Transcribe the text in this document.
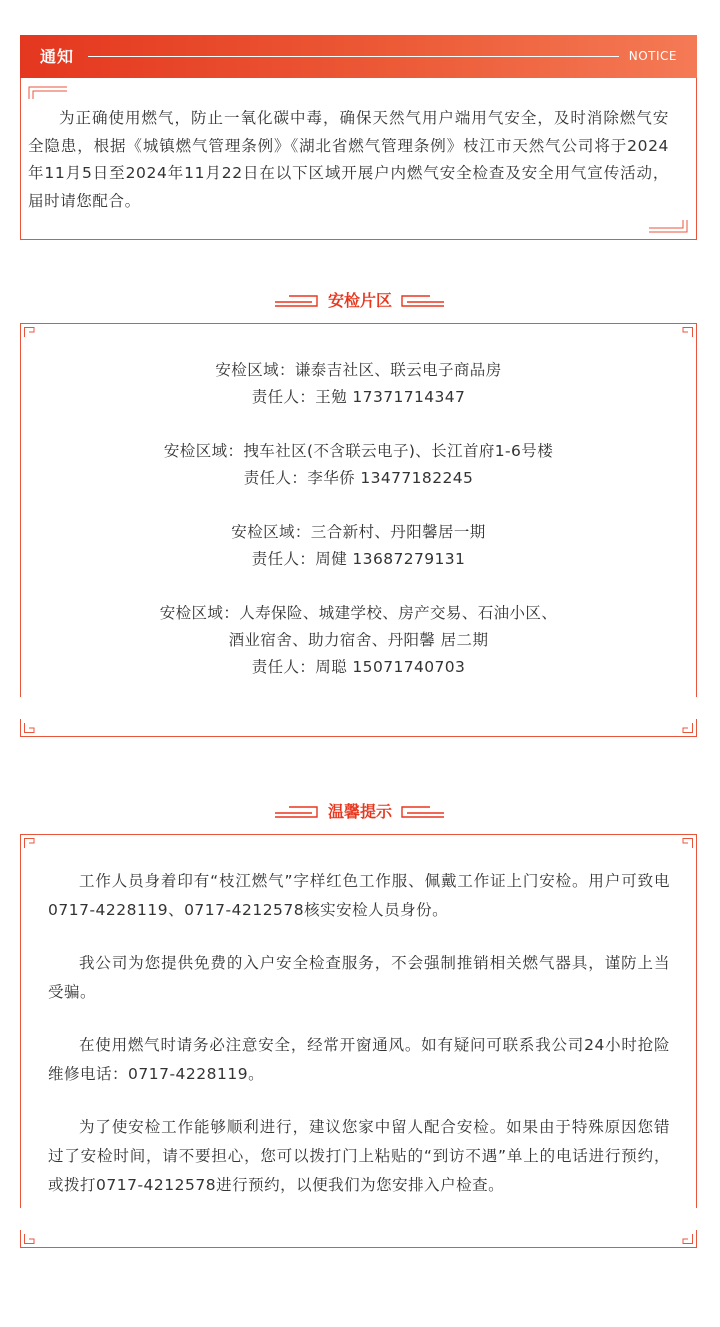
通知	NOTICE

为正确使用燃气，防止一氧化碳中毒，确保天然气用户端用气安全，及时消除燃气安全隐患，根据《城镇燃气管理条例》《湖北省燃气管理条例》枝江市天然气公司将于2024年11月5日至2024年11月22日在以下区域开展户内燃气安全检查及安全用气宣传活动，届时请您配合。

安检片区
安检区域：谦泰吉社区、联云电子商品房
责任人：王勉 17371714347
安检区域：拽车社区(不含联云电子)、长江首府1-6号楼
责任人：李华侨 13477182245
安检区域：三合新村、丹阳馨居一期
责任人：周健 13687279131
安检区域：人寿保险、城建学校、房产交易、石油小区、
酒业宿舍、助力宿舍、丹阳馨 居二期
责任人：周聪 15071740703
温馨提示

工作人员身着印有“枝江燃气”字样红色工作服、佩戴工作证上门安检。用户可致电0717-4228119、0717-4212578核实安检人员身份。

我公司为您提供免费的入户安全检查服务，不会强制推销相关燃气器具，谨防上当受骗。

在使用燃气时请务必注意安全，经常开窗通风。如有疑问可联系我公司24小时抢险维修电话：0717-4228119。

为了使安检工作能够顺利进行，建议您家中留人配合安检。如果由于特殊原因您错过了安检时间，请不要担心，您可以拨打门上粘贴的“到访不遇”单上的电话进行预约，或拨打0717-4212578进行预约，以便我们为您安排入户检查。
